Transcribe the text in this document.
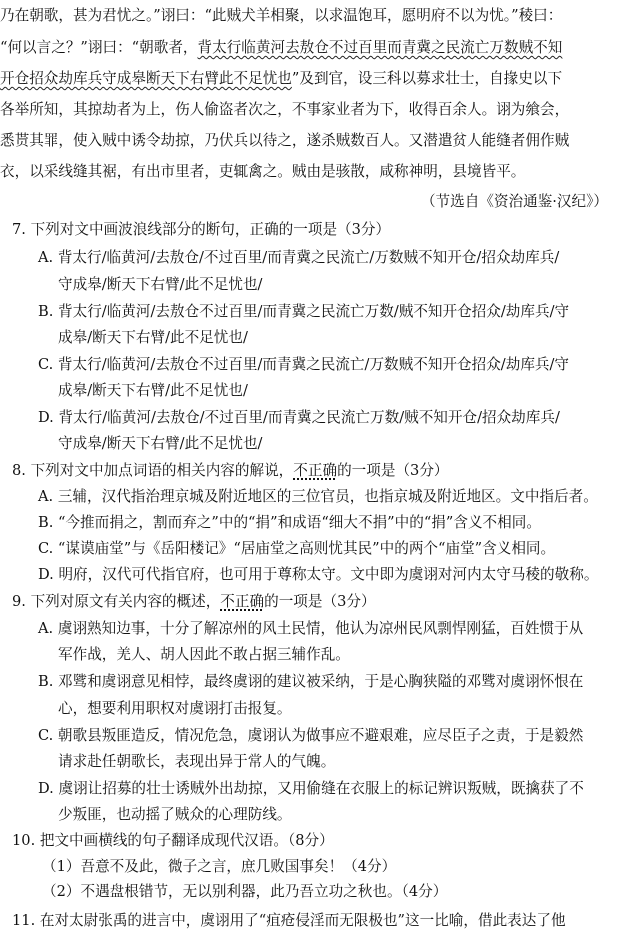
乃在朝歌，甚为君忧之。”诩曰：“此贼犬羊相聚，以求温饱耳，愿明府不以为忧。”稜曰：
“何以言之？”诩曰：“朝歌者，背太行临黄河去敖仓不过百里而青冀之民流亡万数贼不知
开仓招众劫库兵守成皋断天下右臂此不足忧也”及到官，设三科以募求壮士，自掾史以下
各举所知，其掠劫者为上，伤人偷盗者次之，不事家业者为下，收得百余人。诩为飨会，
悉贳其罪，使入贼中诱令劫掠，乃伏兵以待之，遂杀贼数百人。又潜遣贫人能缝者佣作贼
衣，以采线缝其裾，有出市里者，吏辄禽之。贼由是骇散，咸称神明，县境皆平。
（节选自《资治通鉴·汉纪》）
7. 下列对文中画波浪线部分的断句，正确的一项是（3分）
A. 背太行/临黄河/去敖仓/不过百里/而青冀之民流亡/万数贼不知开仓/招众劫库兵/
守成皋/断天下右臂/此不足忧也/
B. 背太行/临黄河/去敖仓不过百里/而青冀之民流亡万数/贼不知开仓招众/劫库兵/守
成皋/断天下右臂/此不足忧也/
C. 背太行/临黄河/去敖仓不过百里/而青冀之民流亡/万数贼不知开仓招众/劫库兵/守
成皋/断天下右臂/此不足忧也/
D. 背太行/临黄河/去敖仓/不过百里/而青冀之民流亡万数/贼不知开仓/招众劫库兵/
守成皋/断天下右臂/此不足忧也/
8. 下列对文中加点词语的相关内容的解说，不正确的一项是（3分）
A. 三辅，汉代指治理京城及附近地区的三位官员，也指京城及附近地区。文中指后者。
B. “今推而捐之，割而弃之”中的“捐”和成语“细大不捐”中的“捐”含义不相同。
C. “谋谟庙堂”与《岳阳楼记》“居庙堂之高则忧其民”中的两个“庙堂”含义相同。
D. 明府，汉代可代指官府，也可用于尊称太守。文中即为虞诩对河内太守马稜的敬称。
9. 下列对原文有关内容的概述，不正确的一项是（3分）
A. 虞诩熟知边事，十分了解凉州的风土民情，他认为凉州民风剽悍刚猛，百姓惯于从
军作战，羌人、胡人因此不敢占据三辅作乱。
B. 邓骘和虞诩意见相悖，最终虞诩的建议被采纳，于是心胸狭隘的邓骘对虞诩怀恨在
心，想要利用职权对虞诩打击报复。
C. 朝歌县叛匪造反，情况危急，虞诩认为做事应不避艰难，应尽臣子之责，于是毅然
请求赴任朝歌长，表现出异于常人的气魄。
D. 虞诩让招募的壮士诱贼外出劫掠，又用偷缝在衣服上的标记辨识叛贼，既擒获了不
少叛匪，也动摇了贼众的心理防线。
10. 把文中画横线的句子翻译成现代汉语。（8分）
（1）吾意不及此，微子之言，庶几败国事矣！（4分）
（2）不遇盘根错节，无以别利器，此乃吾立功之秋也。（4分）
11. 在对太尉张禹的进言中，虞诩用了“疽疮侵淫而无限极也”这一比喻，借此表达了他
